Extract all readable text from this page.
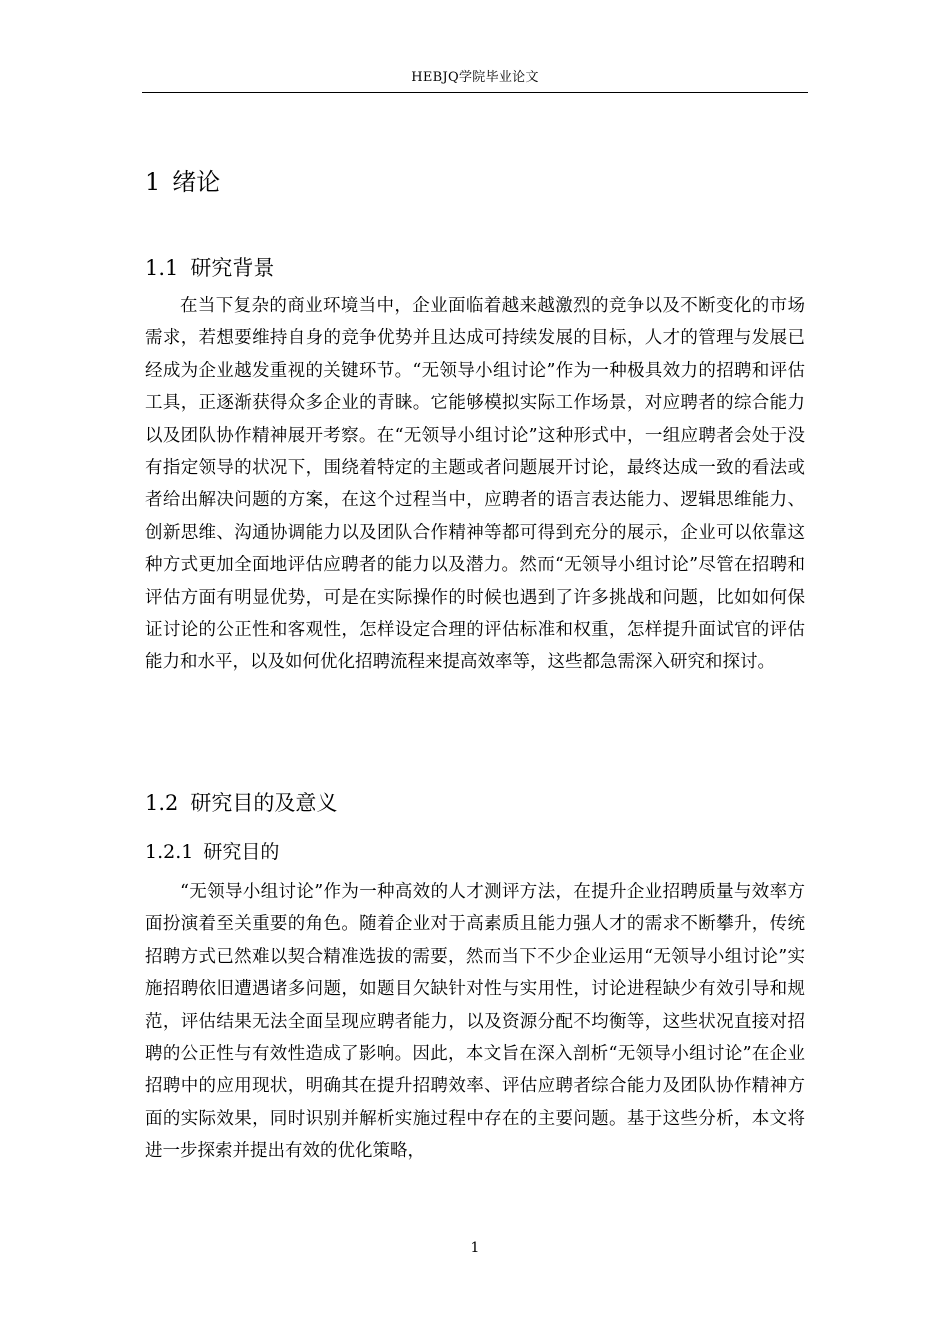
HEBJQ学院毕业论文
1 绪论
1.1 研究背景

在当下复杂的商业环境当中，企业面临着越来越激烈的竞争以及不断变化的市场需求，若想要维持自身的竞争优势并且达成可持续发展的目标，人才的管理与发展已经成为企业越发重视的关键环节。“无领导小组讨论”作为一种极具效力的招聘和评估工具，正逐渐获得众多企业的青睐。它能够模拟实际工作场景，对应聘者的综合能力以及团队协作精神展开考察。在“无领导小组讨论”这种形式中，一组应聘者会处于没有指定领导的状况下，围绕着特定的主题或者问题展开讨论，最终达成一致的看法或者给出解决问题的方案，在这个过程当中，应聘者的语言表达能力、逻辑思维能力、创新思维、沟通协调能力以及团队合作精神等都可得到充分的展示，企业可以依靠这种方式更加全面地评估应聘者的能力以及潜力。然而“无领导小组讨论”尽管在招聘和评估方面有明显优势，可是在实际操作的时候也遇到了许多挑战和问题，比如如何保证讨论的公正性和客观性，怎样设定合理的评估标准和权重，怎样提升面试官的评估能力和水平，以及如何优化招聘流程来提高效率等，这些都急需深入研究和探讨。

1.2 研究目的及意义
1.2.1 研究目的

“无领导小组讨论”作为一种高效的人才测评方法，在提升企业招聘质量与效率方面扮演着至关重要的角色。随着企业对于高素质且能力强人才的需求不断攀升，传统招聘方式已然难以契合精准选拔的需要，然而当下不少企业运用“无领导小组讨论”实施招聘依旧遭遇诸多问题，如题目欠缺针对性与实用性，讨论进程缺少有效引导和规范，评估结果无法全面呈现应聘者能力，以及资源分配不均衡等，这些状况直接对招聘的公正性与有效性造成了影响。因此，本文旨在深入剖析“无领导小组讨论”在企业招聘中的应用现状，明确其在提升招聘效率、评估应聘者综合能力及团队协作精神方面的实际效果，同时识别并解析实施过程中存在的主要问题。基于这些分析，本文将进一步探索并提出有效的优化策略，

1
